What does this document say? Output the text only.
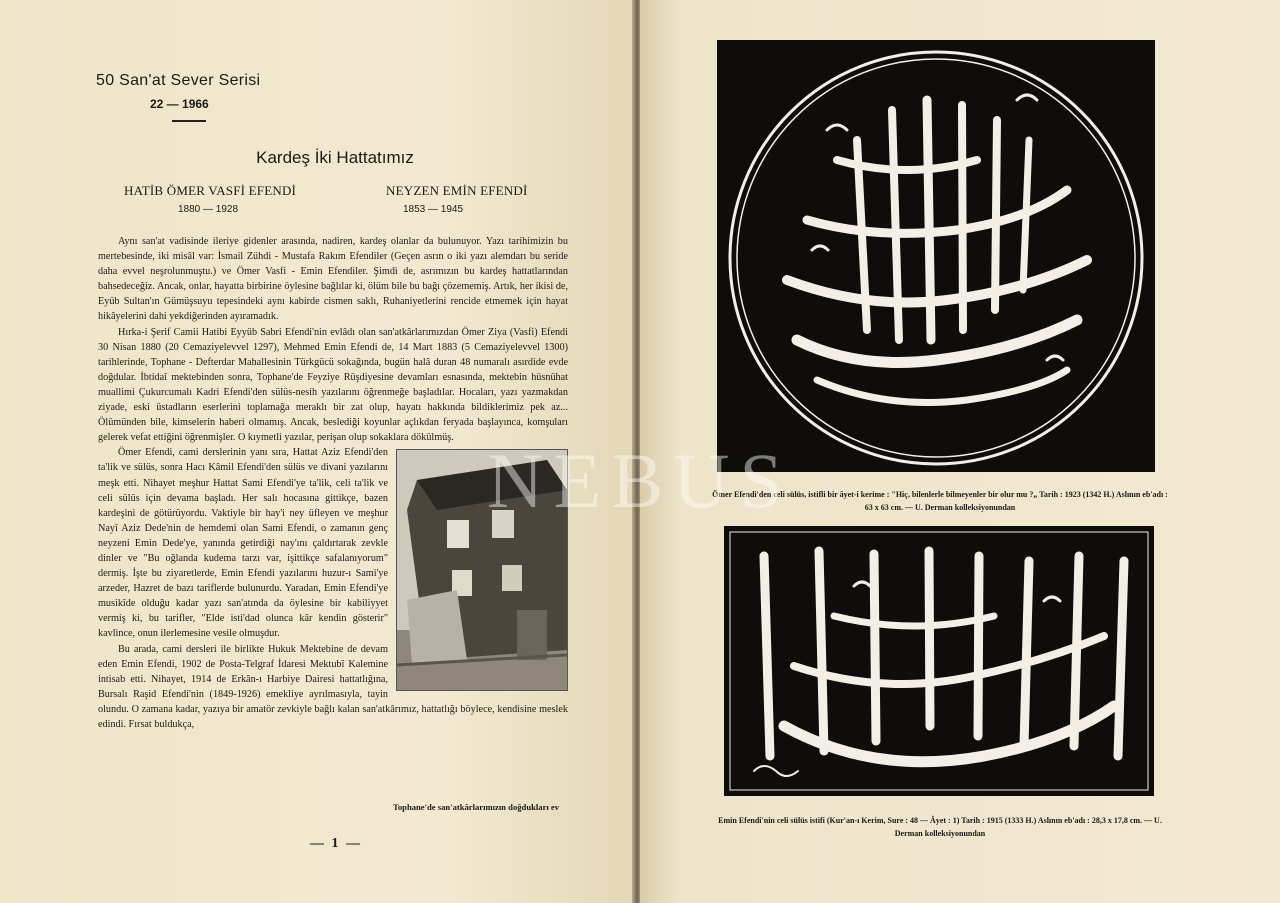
50 San'at Sever Serisi
22 — 1966
Kardeş İki Hattatımız
HATİB ÖMER VASFİ EFENDİ	NEYZEN EMİN EFENDİ
1880 — 1928	1853 — 1945

Aynı san'at vadisinde ileriye gidenler arasında, nadiren, kardeş olanlar da bulunuyor. Yazı tarihimizin bu mertebesinde, iki misâl var: İsmail Zühdi - Mustafa Rakım Efendiler (Geçen asrın o iki yazı alemdarı bu seride daha evvel neşrolunmuştu.) ve Ömer Vasfi - Emin Efendiler. Şimdi de, asrımızın bu kardeş hattatlarından bahsedeceğiz. Ancak, onlar, hayatta birbirine öylesine bağlılar ki, ölüm bile bu bağı çözememiş. Artık, her ikisi de, Eyüb Sultan'ın Gümüşsuyu tepesindeki aynı kabirde cismen saklı, Ruhaniyetlerini rencide etmemek için hayat hikâyelerini dahi yekdiğerinden ayıramadık.

Hırka-i Şerif Camii Hatibi Eyyüb Sabri Efendi'nin evlâdı olan san'atkârlarımızdan Ömer Ziya (Vasfi) Efendi 30 Nisan 1880 (20 Cemaziyelevvel 1297), Mehmed Emin Efendi de, 14 Mart 1883 (5 Cemaziyelevvel 1300) tarihlerinde, Tophane - Defterdar Mahallesinin Türkgücü sokağında, bugün halâ duran 48 numaralı asırdide evde doğdular. İbtidaî mektebinden sonra, Tophane'de Feyziye Rüşdiyesine devamları esnasında, mektebin hüsnühat muallimi Çukurcumalı Kadri Efendi'den sülüs-nesih yazılarını öğrenmeğe başladılar. Hocaları, yazı yazmakdan ziyade, eski üstadların eserlerini toplamağa meraklı bir zat olup, hayatı hakkında bildiklerimiz pek az... Ölümünden bile, kimselerin haberi olmamış. Ancak, beslediği koyunlar açlıkdan feryada başlayınca, komşuları gelerek vefat ettiğini öğrenmişler. O kıymetli yazılar, perişan olup sokaklara dökülmüş.

Ömer Efendi, cami derslerinin yanı sıra, Hattat Aziz Efendi'den ta'lik ve sülüs, sonra Hacı Kâmil Efendi'den sülüs ve divani yazılarını meşk etti. Nihayet meşhur Hattat Sami Efendi'ye ta'lik, celi ta'lik ve celi sülüs için devama başladı. Her salı hocasına gittikçe, bazen kardeşini de götürüyordu. Vaktiyle bir hay'i ney üfleyen ve meşhur Nayî Aziz Dede'nin de hemdemi olan Sami Efendi, o zamanın genç neyzeni Emin Dede'ye, yanında getirdiği nay'ını çaldırtarak zevkle dinler ve "Bu oğlanda kudema tarzı var, işittikçe safalanıyorum" dermiş. İşte bu ziyaretlerde, Emin Efendi yazılarını huzur-ı Sami'ye arzeder, Hazret de bazı tariflerde bulunurdu. Yaradan, Emin Efendi'ye musikîde olduğu kadar yazı san'atında da öylesine bir kabiliyyet vermiş ki, bu tarifler, "Elde isti'dad olunca kâr kendin gösterir" kavlince, onun ilerlemesine vesile olmuşdur.

Bu arada, cami dersleri ile birlikte Hukuk Mektebine de devam eden Emin Efendi, 1902 de Posta-Telgraf İdaresi Mektubî Kalemine intisab etti. Nihayet, 1914 de Erkân-ı Harbiye Dairesi hattatlığına, Bursalı Raşid Efendi'nin (1849-1926) emekliye ayrılmasıyla, tayin olundu. O zamana kadar, yazıya bir amatör zevkiyle bağlı kalan san'atkârımız, hattatlığı böylece, kendisine meslek edindi. Fırsat buldukça,

Tophane'de san'atkârlarımızın doğdukları ev
— 1 —
Ömer Efendi'den celi sülüs, istifli bir âyet-i kerime : "Hiç, bilenlerle bilmeyenler bir olur mu ?„ Tarih : 1923 (1342 H.) Aslının eb'adı : 63 x 63 cm. — U. Derman kolleksiyonundan
Emin Efendi'nin celi sülüs istifi (Kur'an-ı Kerim, Sure : 48 — Âyet : 1) Tarih : 1915 (1333 H.) Aslının eb'adı : 28,3 x 17,8 cm. — U. Derman kolleksiyonundan
NEBUS
